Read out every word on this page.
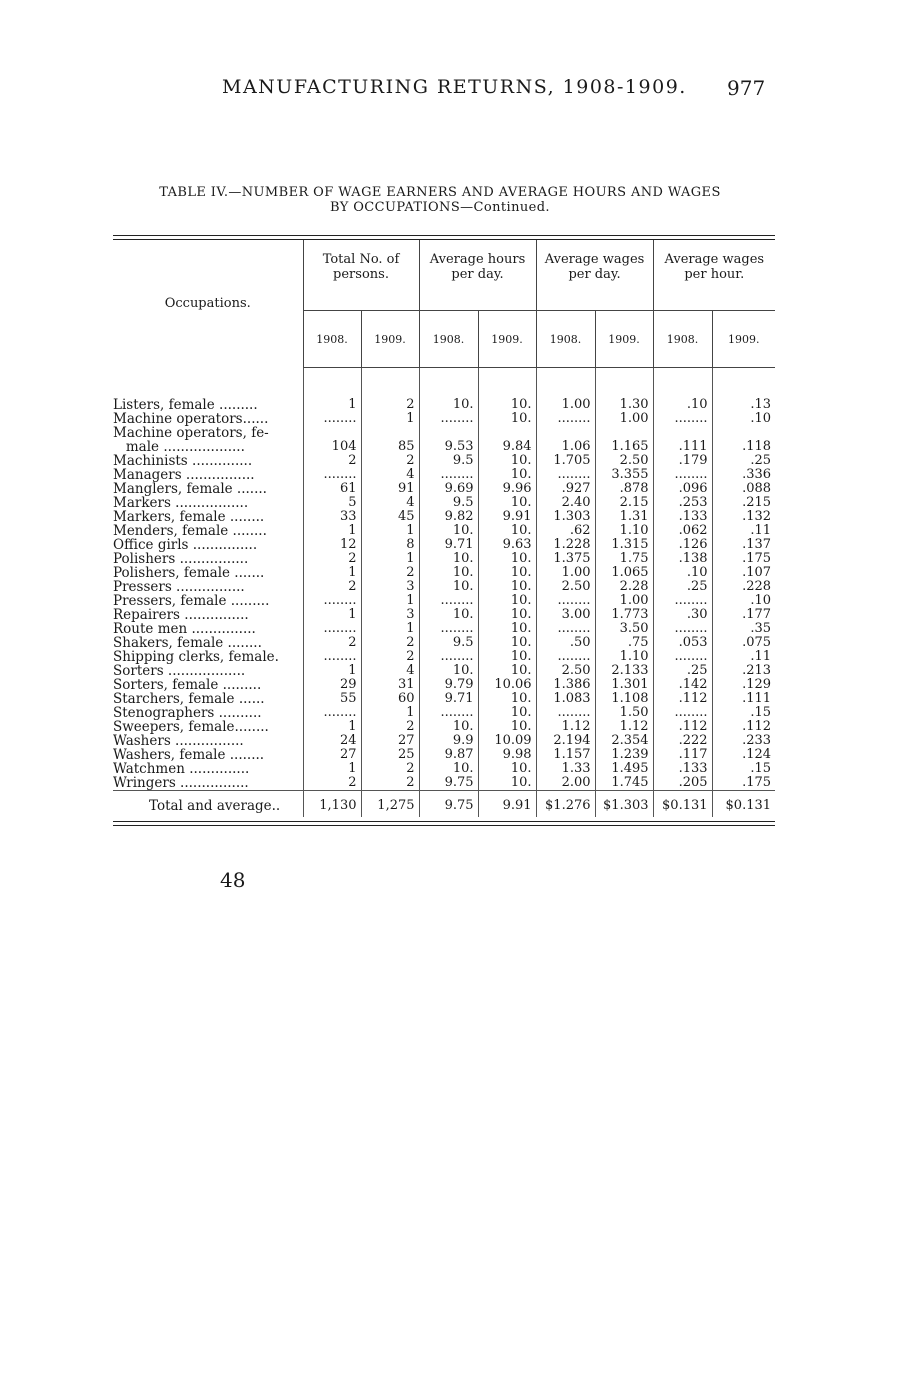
MANUFACTURING RETURNS, 1908-1909. 977
TABLE IV.—NUMBER OF WAGE EARNERS AND AVERAGE HOURS AND WAGES
BY OCCUPATIONS—Continued.
Occupations.	Total No. of persons.		Average hours per day.		Average wages per day.		Average wages per hour.	
	1908.	1909.	1908.	1909.	1908.	1909.	1908.	1909.

Listers, female .........	1	2	10.	10.	1.00	1.30	.10	.13
Machine operators......	........	1	........	10.	........	1.00	........	.10
Machine operators, fe-								
male ...................	104	85	9.53	9.84	1.06	1.165	.111	.118
Machinists ..............	2	2	9.5	10.	1.705	2.50	.179	.25
Managers ................	........	4	........	10.	........	3.355	........	.336
Manglers, female .......	61	91	9.69	9.96	.927	.878	.096	.088
Markers .................	5	4	9.5	10.	2.40	2.15	.253	.215
Markers, female ........	33	45	9.82	9.91	1.303	1.31	.133	.132
Menders, female ........	1	1	10.	10.	.62	1.10	.062	.11
Office girls ...............	12	8	9.71	9.63	1.228	1.315	.126	.137
Polishers ................	2	1	10.	10.	1.375	1.75	.138	.175
Polishers, female .......	1	2	10.	10.	1.00	1.065	.10	.107
Pressers ................	2	3	10.	10.	2.50	2.28	.25	.228
Pressers, female .........	........	1	........	10.	........	1.00	........	.10
Repairers ...............	1	3	10.	10.	3.00	1.773	.30	.177
Route men ...............	........	1	........	10.	........	3.50	........	.35
Shakers, female ........	2	2	9.5	10.	.50	.75	.053	.075
Shipping clerks, female.	........	2	........	10.	........	1.10	........	.11
Sorters ..................	1	4	10.	10.	2.50	2.133	.25	.213
Sorters, female .........	29	31	9.79	10.06	1.386	1.301	.142	.129
Starchers, female ......	55	60	9.71	10.	1.083	1.108	.112	.111
Stenographers ..........	........	1	........	10.	........	1.50	........	.15
Sweepers, female........	1	2	10.	10.	1.12	1.12	.112	.112
Washers ................	24	27	9.9	10.09	2.194	2.354	.222	.233
Washers, female ........	27	25	9.87	9.98	1.157	1.239	.117	.124
Watchmen ..............	1	2	10.	10.	1.33	1.495	.133	.15
Wringers ................	2	2	9.75	10.	2.00	1.745	.205	.175
Total and average..	1,130	1,275	9.75	9.91	$1.276	$1.303	$0.131	$0.131
48
